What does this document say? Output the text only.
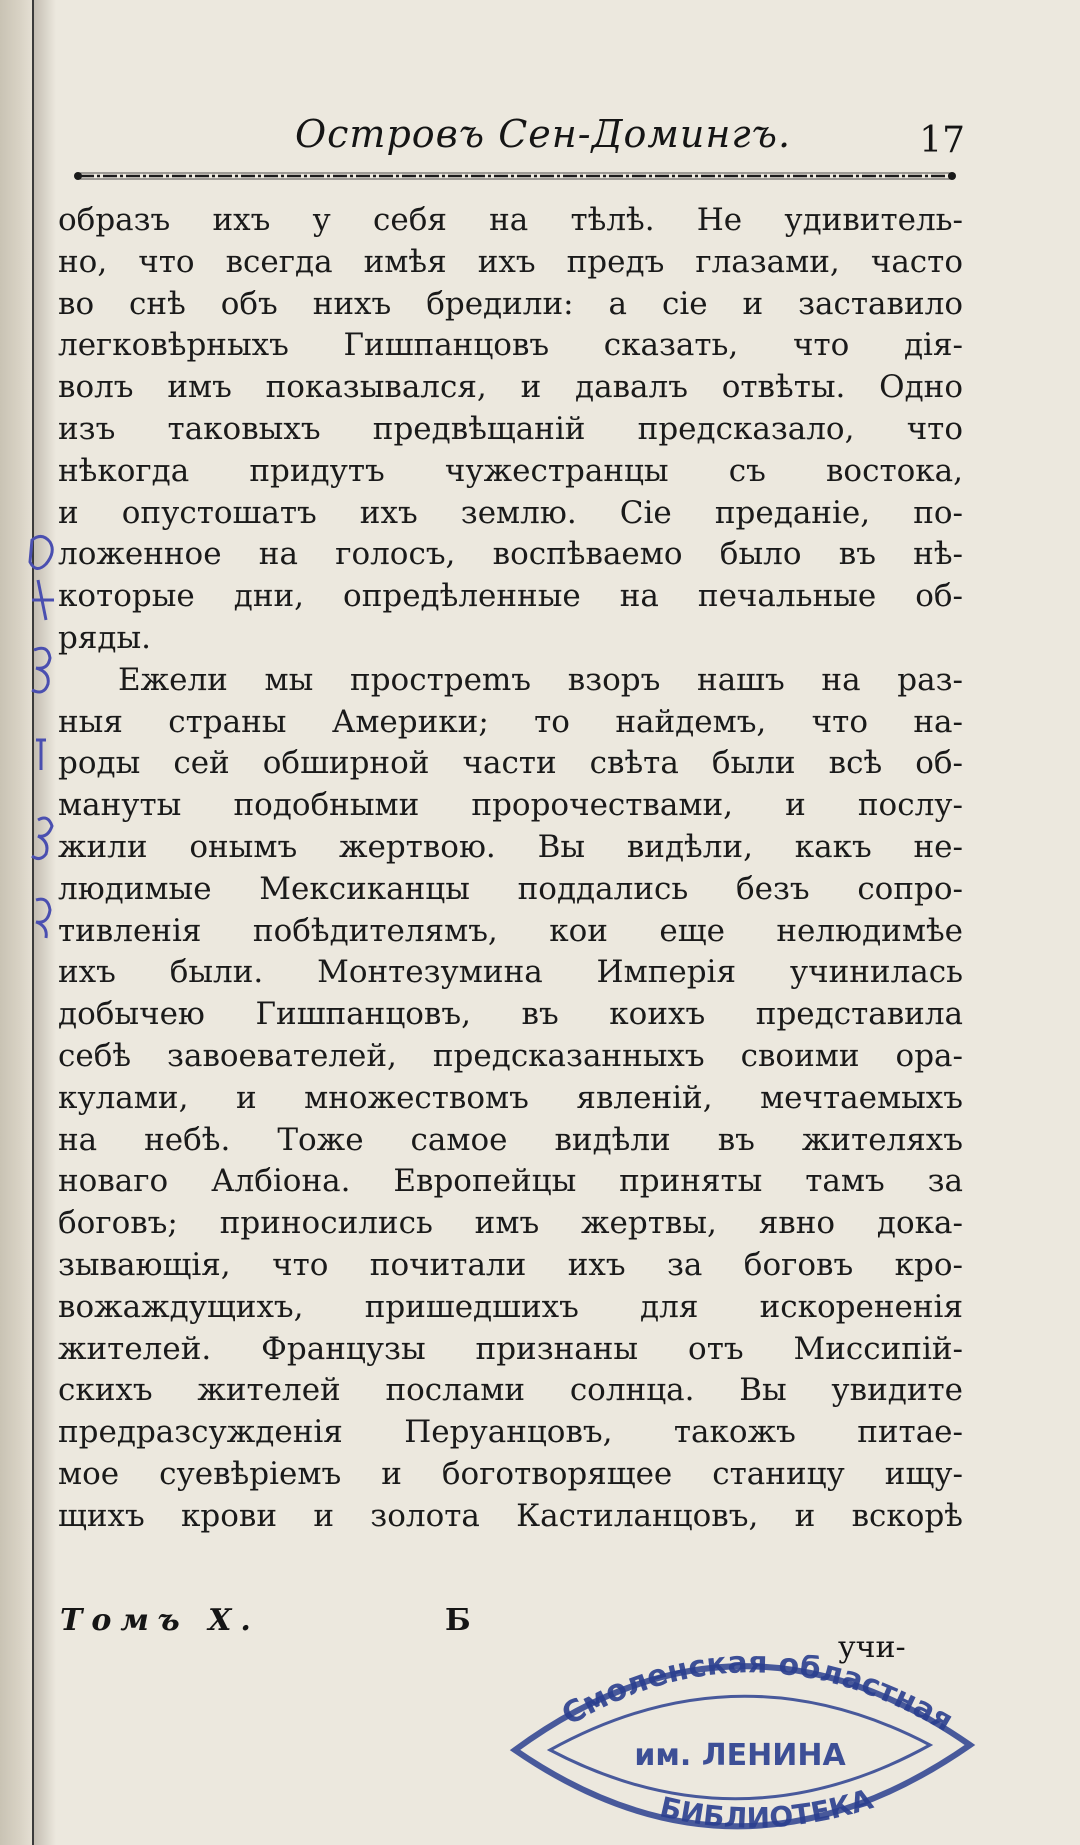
Островъ Сен-Домингъ.	17
образъ ихъ у себя на тѣлѣ. Не удивитель-
но, что всегда имѣя ихъ предъ глазами, часто
во снѣ объ нихъ бредили: а сiе и заставило
легковѣрныхъ Гишпанцовъ сказать, что дiя-
волъ имъ показывался, и давалъ отвѣты. Одно
изъ таковыхъ предвѣщанiй предсказало, что
нѣкогда придутъ чужестранцы съ востока,
и опустошатъ ихъ землю. Сiе преданiе, по-
ложенное на голосъ, воспѣваемо было въ нѣ-
которые дни, опредѣленные на печальные об-
ряды.
Ежели мы прострemъ взоръ нашъ на раз-
ныя страны Америки; то найдемъ, что на-
роды сей обширной части свѣта были всѣ об-
мануты подобными пророчествами, и послу-
жили онымъ жертвою. Вы видѣли, какъ не-
людимые Мексиканцы поддались безъ сопро-
тивленiя побѣдителямъ, кои еще нелюдимѣе
ихъ были. Монтезумина Имперiя учинилась
добычею Гишпанцовъ, въ коихъ представила
себѣ завоевателей, предсказанныхъ своими ора-
кулами, и множествомъ явленiй, мечтаемыхъ
на небѣ. Тоже самое видѣли въ жителяхъ
новаго Албiона. Европейцы приняты тамъ за
боговъ; приносились имъ жертвы, явно дока-
зывающiя, что почитали ихъ за боговъ кро-
вожаждущихъ, пришедшихъ для искорененiя
жителей. Французы признаны отъ Миссипiй-
скихъ жителей послами солнца. Вы увидите
предразсужденiя Перуанцовъ, такожъ питае-
мое суевѣрiемъ и боготворящее станицу ищу-
щихъ крови и золота Кастиланцовъ, и вскорѣ
Томъ X.	Б
учи-
Смоленская областная
им. ЛЕНИНА
БИБЛИОТЕКА
